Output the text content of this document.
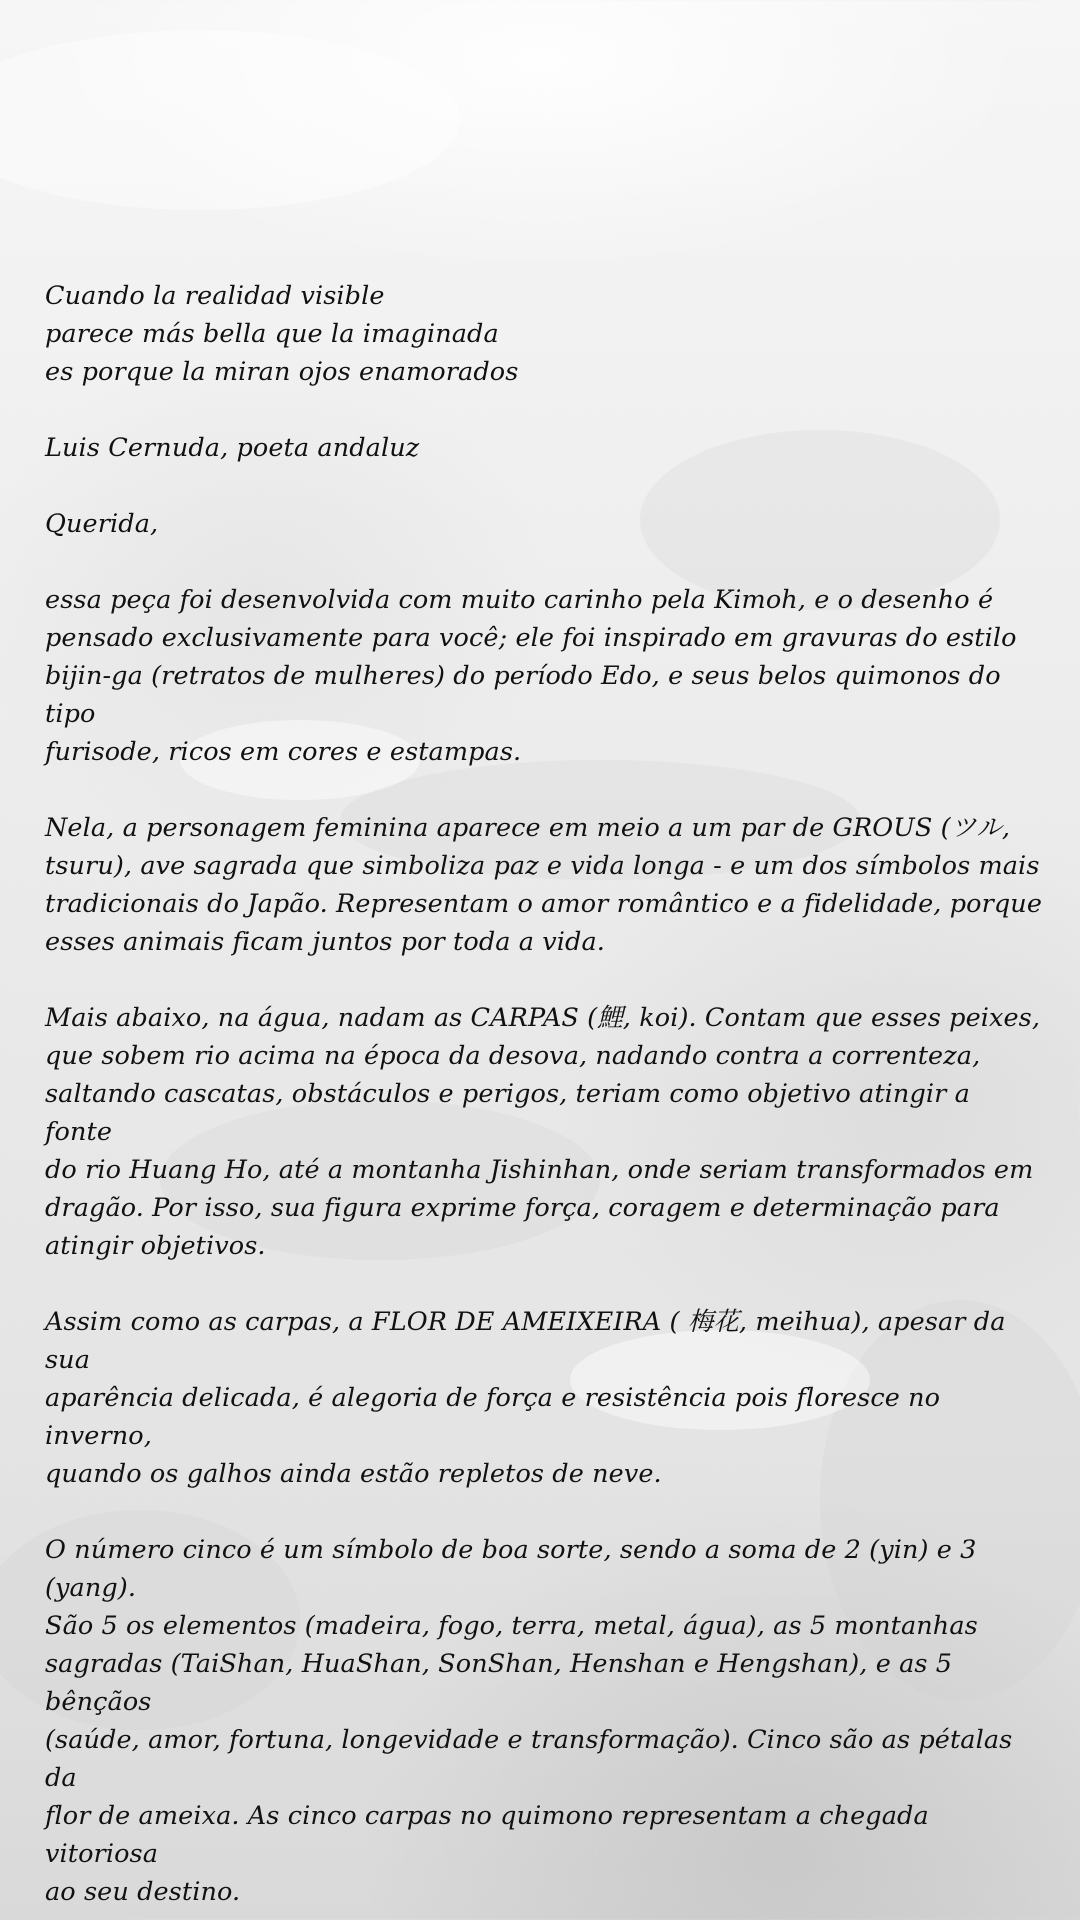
Cuando la realidad visible

parece más bella que la imaginada

es porque la miran ojos enamorados

Luis Cernuda, poeta andaluz

Querida,

essa peça foi desenvolvida com muito carinho pela Kimoh, e o desenho é
pensado exclusivamente para você; ele foi inspirado em gravuras do estilo
bijin-ga (retratos de mulheres) do período Edo, e seus belos quimonos do tipo
furisode, ricos em cores e estampas.

Nela, a personagem feminina aparece em meio a um par de GROUS (ツル,
tsuru), ave sagrada que simboliza paz e vida longa - e um dos símbolos mais
tradicionais do Japão. Representam o amor romântico e a fidelidade, porque
esses animais ficam juntos por toda a vida.

Mais abaixo, na água, nadam as CARPAS (鯉, koi). Contam que esses peixes,
que sobem rio acima na época da desova, nadando contra a correnteza,
saltando cascatas, obstáculos e perigos, teriam como objetivo atingir a fonte
do rio Huang Ho, até a montanha Jishinhan, onde seriam transformados em
dragão. Por isso, sua figura exprime força, coragem e determinação para
atingir objetivos.

Assim como as carpas, a FLOR DE AMEIXEIRA ( 梅花, meihua), apesar da sua
aparência delicada, é alegoria de força e resistência pois floresce no inverno,
quando os galhos ainda estão repletos de neve.

O número cinco é um símbolo de boa sorte, sendo a soma de 2 (yin) e 3 (yang).
São 5 os elementos (madeira, fogo, terra, metal, água), as 5 montanhas
sagradas (TaiShan, HuaShan, SonShan, Henshan e Hengshan), e as 5 bênçãos
(saúde, amor, fortuna, longevidade e transformação). Cinco são as pétalas da
flor de ameixa. As cinco carpas no quimono representam a chegada vitoriosa
ao seu destino.
